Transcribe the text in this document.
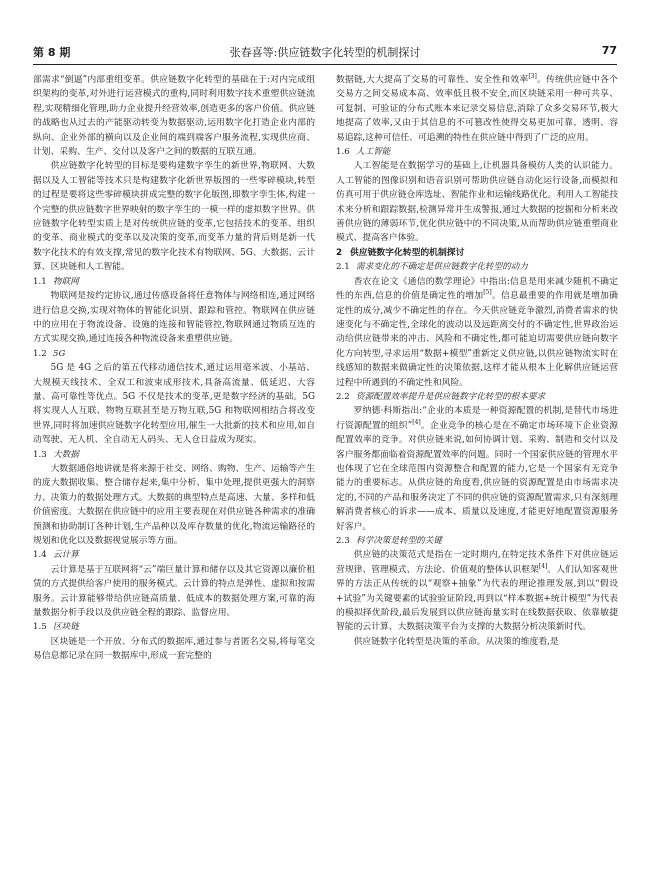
第 8 期	张春喜等:供应链数字化转型的机制探讨	77

部需求“倒逼”内部重组变革。供应链数字化转型的基础在于:对内完成组织架构的变革,对外进行运营模式的重构,同时利用数字技术重塑供应链流程,实现精细化管理,助力企业提升经营效率,创造更多的客户价值。供应链的战略也从过去的产能驱动转变为数据驱动,运用数字化打造企业内部的纵向、企业外部的横向以及企业间的端到端客户服务流程,实现供应商、计划、采购、生产、交付以及客户之间的数据的互联互通。

供应链数字化转型的目标是要构建数字孪生的新世界,物联网、大数据以及人工智能等技术只是构建数字化新世界版图的一些零碎模块,转型的过程是要将这些零碎模块拼成完整的数字化版图,即数字孪生体,构建一个完整的供应链数字世界映射的数字孪生的一模一样的虚拟数字世界。供应链数字化转型实质上是对传统供应链的变革,它包括技术的变革、组织的变革、商业模式的变革以及决策的变革,而变革力量的背后则是新一代数字化技术的有效支撑,常见的数字化技术有物联网、5G、大数据、云计算、区块链和人工智能。

1.1 物联网

物联网是按约定协议,通过传感设备将任意物体与网络相连,通过网络进行信息交换,实现对物体的智能化识别、跟踪和管控。物联网在供应链中的应用在于物流设备、设施的连接和智能管控,物联网通过物质互连的方式实现交换,通过连接各种物流设备来重塑供应链。

1.2 5G

5G 是 4G 之后的第五代移动通信技术,通过运用毫米波、小基站、大规模天线技术、全双工和波束成形技术,具备高流量、低延迟、大容量、高可靠性等优点。5G 不仅是技术的变革,更是数字经济的基础。5G 将实现人人互联、物物互联甚至是万物互联,5G 和物联网相结合将改变世界,同时将加速供应链数字化转型应用,催生一大批新的技术和应用,如自动驾驶、无人机、全自动无人码头、无人仓日益成为现实。

1.3 大数据

大数据通俗地讲就是将来源于社交、网络、购物、生产、运输等产生的庞大数据收集、整合储存起来,集中分析、集中处理,提供更强大的洞察力、决策力的数据处理方式。大数据的典型特点是高速、大量、多样和低价值密度。大数据在供应链中的应用主要表现在对供应链各种需求的准确预测和协助制订各种计划,生产品种以及库存数量的优化,物流运输路径的规划和优化以及数据视觉展示等方面。

1.4 云计算

云计算是基于互联网将“云”端巨量计算和储存以及其它资源以廉价租赁的方式提供给客户使用的服务模式。云计算的特点是弹性、虚拟和按需服务。云计算能够带给供应链高质量、低成本的数据处理方案,可靠的海量数据分析手段以及供应链全程的跟踪、监督应用。

1.5 区块链

区块链是一个开放、分布式的数据库,通过参与者匿名交易,将每笔交易信息都记录在同一数据库中,形成一套完整的

数据链,大大提高了交易的可靠性、安全性和效率[3]。传统供应链中各个交易方之间交易成本高、效率低且极不安全,而区块链采用一种可共享、可复制、可验证的分布式账本来记录交易信息,消除了众多交易环节,极大地提高了效率,又由于其信息的不可篡改性使得交易更加可靠、透明、容易追踪,这种可信任、可追溯的特性在供应链中得到了广泛的应用。

1.6 人工智能

人工智能是在数据学习的基础上,让机器具备模仿人类的认识能力。人工智能的图像识别和语音识别可帮助供应链自动化运行设备,而模拟和仿真可用于供应链仓库选址、智能作业和运输线路优化。利用人工智能技术来分析和跟踪数据,检测异常并生成警报,通过大数据的挖掘和分析来改善供应链的薄弱环节,优化供应链中的不同决策,从而帮助供应链重塑商业模式、提高客户体验。

2 供应链数字化转型的机制探讨
2.1 需求变化的不确定是供应链数字化转型的动力

香农在论文《通信的数学理论》中指出:信息是用来减少随机不确定性的东西,信息的价值是确定性的增加[5]。信息最重要的作用就是增加确定性的成分,减少不确定性的存在。今天供应链竞争激烈,消费者需求的快速变化与不确定性,全球化的波动以及远距离交付的不确定性,世界政治运动给供应链带来的冲击、风险和不确定性,都可能迫切需要供应链向数字化方向转型,寻求运用“数据+模型”重新定义供应链,以供应链物流实时在线感知的数据来做确定性的决策依据,这样才能从根本上化解供应链运营过程中所遇到的不确定性和风险。

2.2 资源配置效率提升是供应链数字化转型的根本要求

罗纳德·科斯指出:“企业的本质是一种资源配置的机制,是替代市场进行资源配置的组织”[4]。企业竞争的核心是在不确定市场环境下企业资源配置效率的竞争。对供应链来说,如何协调计划、采购、制造和交付以及客户服务都面临着资源配置效率的问题。同时一个国家供应链的管理水平也体现了它在全球范围内资源整合和配置的能力,它是一个国家有无竞争能力的重要标志。从供应链的角度看,供应链的资源配置是由市场需求决定的,不同的产品和服务决定了不同的供应链的资源配置需求,只有深刻理解消费者核心的诉求——成本、质量以及速度,才能更好地配置资源服务好客户。

2.3 科学决策是转型的关键

供应链的决策范式是指在一定时期内,在特定技术条件下对供应链运营规律、管理模式、方法论、价值观的整体认识框架[4]。人们认知客观世界的方法正从传统的以“观察+抽象”为代表的理论推理发展,到以“假设+试验”为关键要素的试验验证阶段,再到以“样本数据+统计模型”为代表的模拟择优阶段,最后发展到以供应链海量实时在线数据获取、依靠敏捷智能的云计算、大数据决策平台为支撑的大数据分析决策新时代。

供应链数字化转型是决策的革命。从决策的维度看,是
